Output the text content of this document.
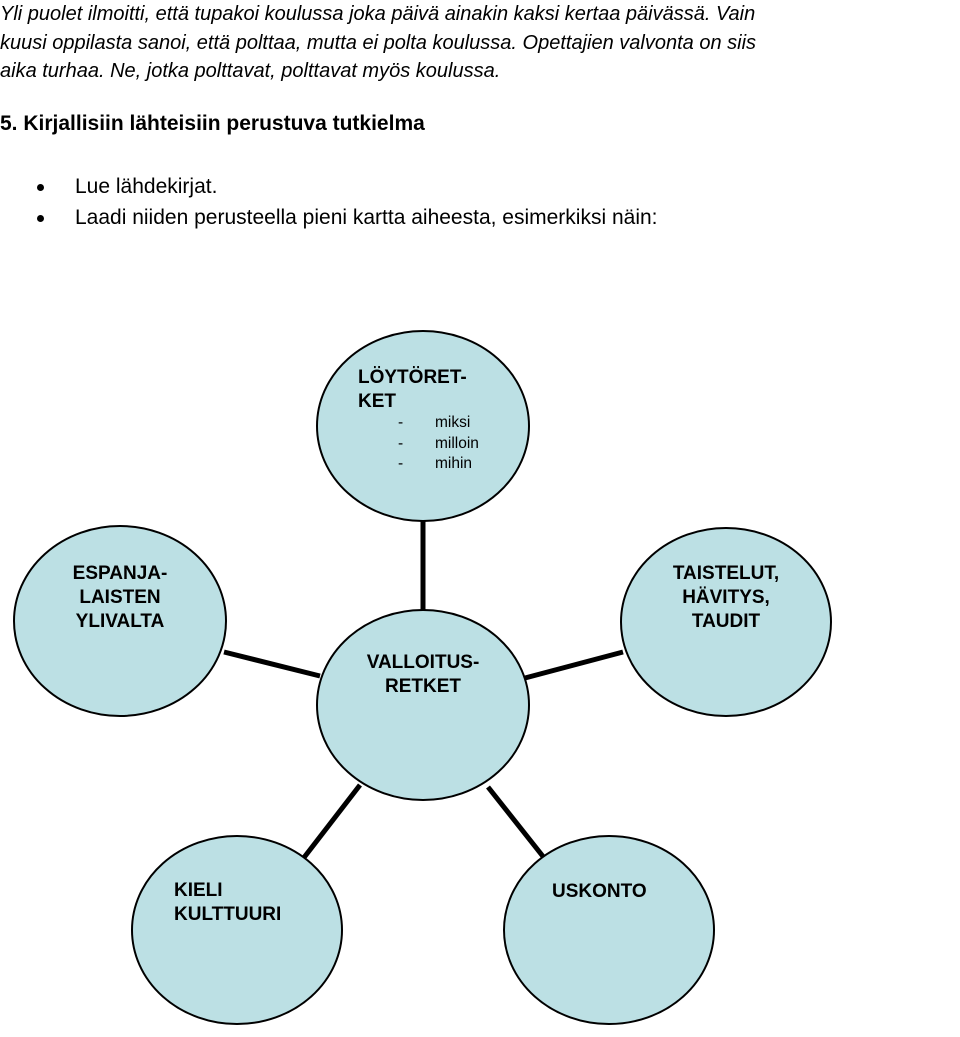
Yli puolet ilmoitti, että tupakoi koulussa joka päivä ainakin kaksi kertaa päivässä. Vain
kuusi oppilasta sanoi, että polttaa, mutta ei polta koulussa. Opettajien valvonta on siis
aika turhaa. Ne, jotka polttavat, polttavat myös koulussa.

5. Kirjallisiin lähteisiin perustuva tutkielma
Lue lähdekirjat.
Laadi niiden perusteella pieni kartta aiheesta, esimerkiksi näin:
LÖYTÖRET-
KET
- miksi
- milloin
- mihin
ESPANJA-
LAISTEN
YLIVALTA
TAISTELUT,
HÄVITYS,
TAUDIT
VALLOITUS-
RETKET
KIELI
KULTTUURI
USKONTO
